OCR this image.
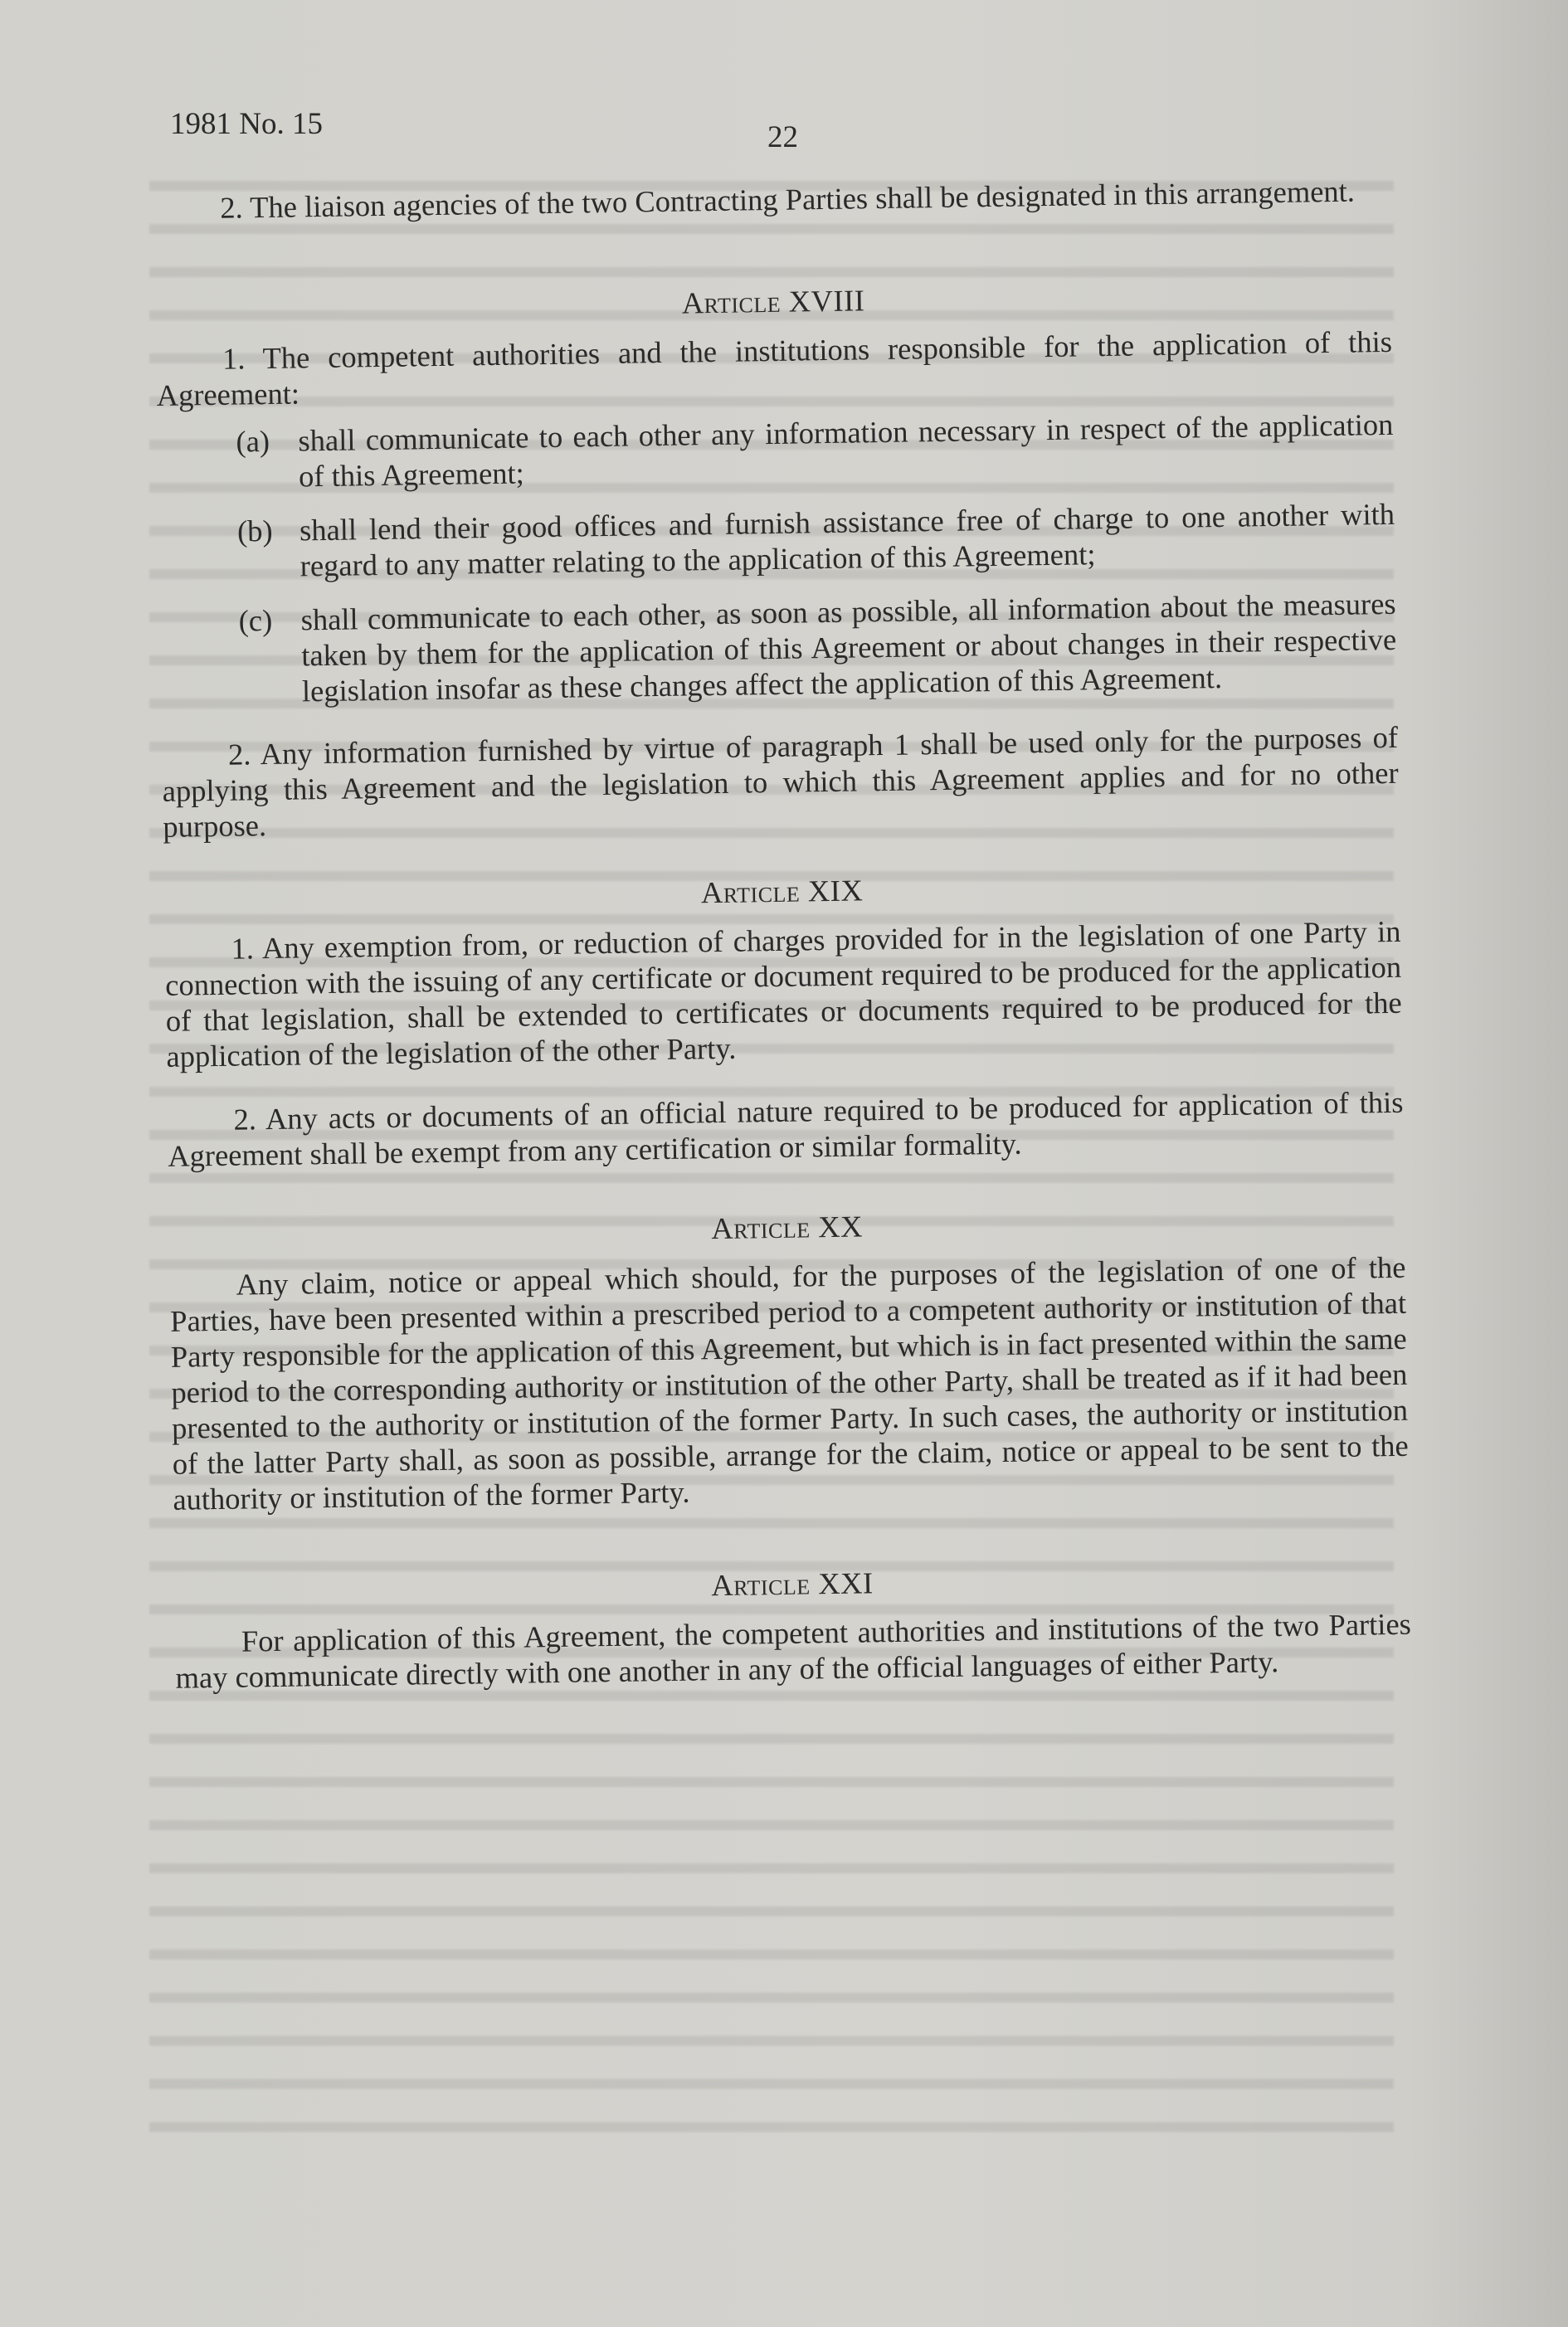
1981 No. 15	22

2. The liaison agencies of the two Contracting Parties shall be designated in this arrangement.

Article XVIII

1. The competent authorities and the institutions responsible for the application of this Agreement:

(a) shall communicate to each other any information necessary in respect of the application of this Agreement;
(b) shall lend their good offices and furnish assistance free of charge to one another with regard to any matter relating to the application of this Agreement;
(c) shall communicate to each other, as soon as possible, all information about the measures taken by them for the application of this Agreement or about changes in their respective legislation insofar as these changes affect the application of this Agreement.

2. Any information furnished by virtue of paragraph 1 shall be used only for the purposes of applying this Agreement and the legislation to which this Agreement applies and for no other purpose.

Article XIX

1. Any exemption from, or reduction of charges provided for in the legislation of one Party in connection with the issuing of any certificate or document required to be produced for the application of that legislation, shall be extended to certificates or documents required to be produced for the application of the legislation of the other Party.

2. Any acts or documents of an official nature required to be produced for application of this Agreement shall be exempt from any certification or similar formality.

Article XX

Any claim, notice or appeal which should, for the purposes of the legislation of one of the Parties, have been presented within a prescribed period to a competent authority or institution of that Party responsible for the application of this Agreement, but which is in fact presented within the same period to the corresponding authority or institution of the other Party, shall be treated as if it had been presented to the authority or institution of the former Party. In such cases, the authority or institution of the latter Party shall, as soon as possible, arrange for the claim, notice or appeal to be sent to the authority or institution of the former Party.

Article XXI

For application of this Agreement, the competent authorities and institutions of the two Parties may communicate directly with one another in any of the official languages of either Party.
